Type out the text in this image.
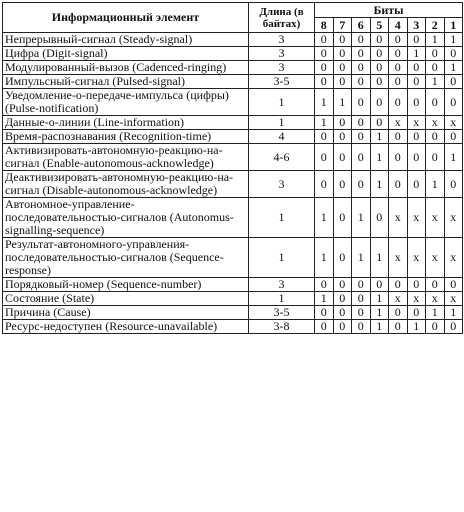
Информационный элемент	Длина (в байтах)	Биты							
		8	7	6	5	4	3	2	1
Непрерывный-сигнал (Steady-signal)	3	0	0	0	0	0	0	1	1
Цифра (Digit-signal)	3	0	0	0	0	0	1	0	0
Модулированный-вызов (Cadenced-ringing)	3	0	0	0	0	0	0	0	1
Импульсный-сигнал (Pulsed-signal)	3-5	0	0	0	0	0	0	1	0
Уведомление-о-передаче-импульса (цифры) (Pulse-notification)	1	1	1	0	0	0	0	0	0
Данные-о-линии (Line-information)	1	1	0	0	0	x	x	x	x
Время-распознавания (Recognition-time)	4	0	0	0	1	0	0	0	0
Активизировать-автономную-реакцию-на-сигнал (Enable-autonomous-acknowledge)	4-6	0	0	0	1	0	0	0	1
Деактивизировать-автономную-реакцию-на-сигнал (Disable-autonomous-acknowledge)	3	0	0	0	1	0	0	1	0
Автономное-управление-последовательностью-сигналов (Autonomus-signalling-sequence)	1	1	0	1	0	x	x	x	x
Результат-автономного-управления-последовательностью-сигналов (Sequence-response)	1	1	0	1	1	x	x	x	x
Порядковый-номер (Sequence-number)	3	0	0	0	0	0	0	0	0
Состояние (State)	1	1	0	0	1	x	x	x	x
Причина (Cause)	3-5	0	0	0	1	0	0	1	1
Ресурс-недоступен (Resource-unavailable)	3-8	0	0	0	1	0	1	0	0
